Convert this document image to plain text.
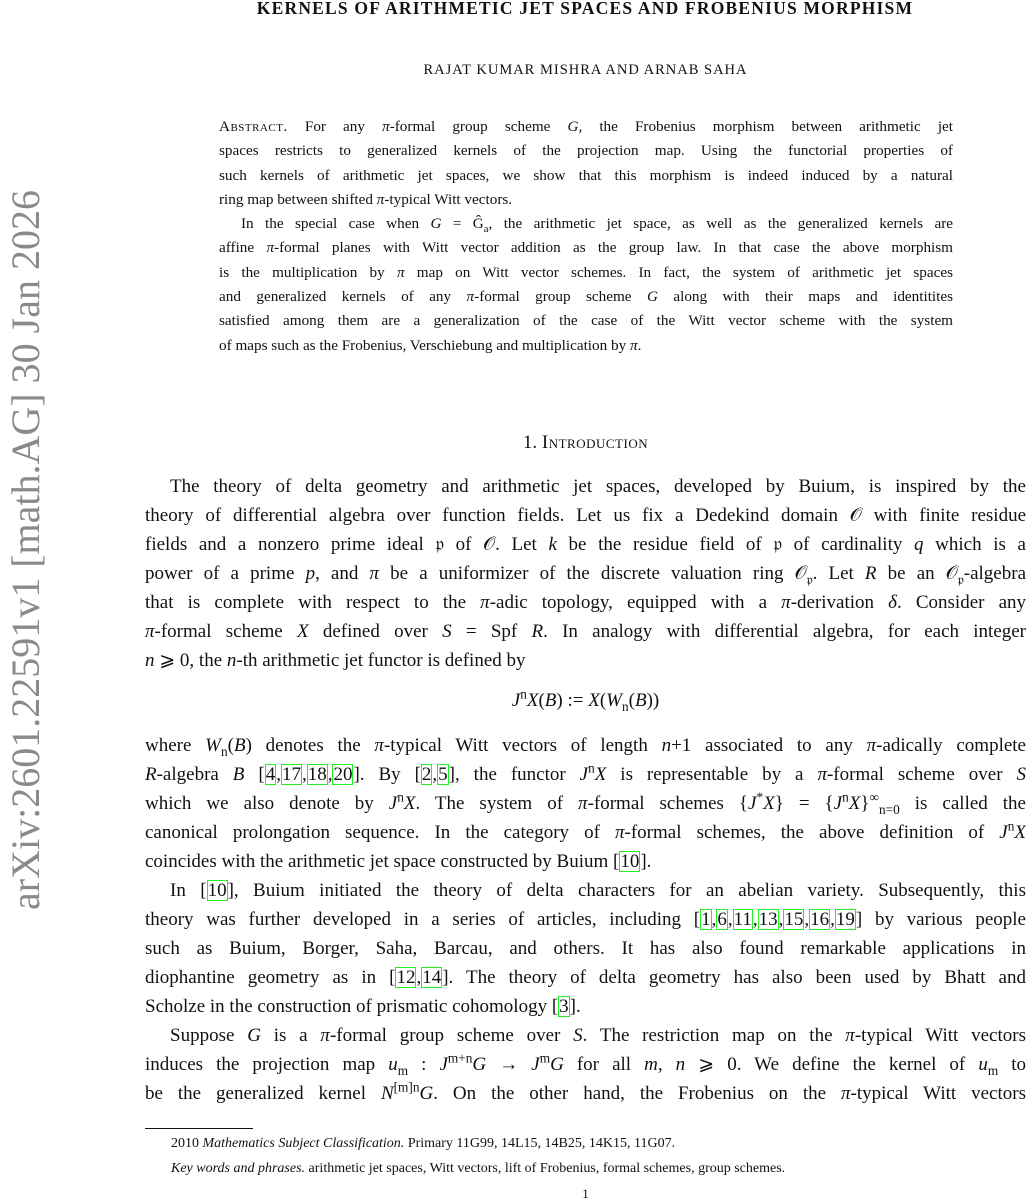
KERNELS OF ARITHMETIC JET SPACES AND FROBENIUS MORPHISM
RAJAT KUMAR MISHRA AND ARNAB SAHA
arXiv:2601.22591v1 [math.AG] 30 Jan 2026
Abstract. For any π-formal group scheme G, the Frobenius morphism between arithmetic jet
spaces restricts to generalized kernels of the projection map. Using the functorial properties of
such kernels of arithmetic jet spaces, we show that this morphism is indeed induced by a natural
ring map between shifted π-typical Witt vectors.
In the special case when $G = Ĝ_a$, the arithmetic jet space, as well as the generalized kernels are
affine π-formal planes with Witt vector addition as the group law. In that case the above morphism
is the multiplication by π map on Witt vector schemes. In fact, the system of arithmetic jet spaces
and generalized kernels of any π-formal group scheme G along with their maps and identitites
satisfied among them are a generalization of the case of the Witt vector scheme with the system
of maps such as the Frobenius, Verschiebung and multiplication by π.
1. Introduction
The theory of delta geometry and arithmetic jet spaces, developed by Buium, is inspired by the
theory of differential algebra over function fields. Let us fix a Dedekind domain 𝒪 with finite residue
fields and a nonzero prime ideal 𝔭 of 𝒪. Let k be the residue field of 𝔭 of cardinality q which is a
power of a prime p, and π be a uniformizer of the discrete valuation ring 𝒪$_𝔭$. Let R be an 𝒪$_𝔭$-algebra
that is complete with respect to the π-adic topology, equipped with a π-derivation δ. Consider any
π-formal scheme X defined over S = Spf R. In analogy with differential algebra, for each integer
n ⩾ 0, the n-th arithmetic jet functor is defined by
$J^nX(B)$ := $X(W_n(B))$
where $W_n(B)$ denotes the π-typical Witt vectors of length n+1 associated to any π-adically complete
R-algebra B [4,17,18,20]. By [2,5], the functor $J^nX$ is representable by a π-formal scheme over S
which we also denote by $J^nX$. The system of π-formal schemes $\{J^*X\} = \{J^nX\}^\infty_{n=0}$ is called the
canonical prolongation sequence. In the category of π-formal schemes, the above definition of $J^nX$
coincides with the arithmetic jet space constructed by Buium [10].
In [10], Buium initiated the theory of delta characters for an abelian variety. Subsequently, this
theory was further developed in a series of articles, including [1,6,11,13,15,16,19] by various people
such as Buium, Borger, Saha, Barcau, and others. It has also found remarkable applications in
diophantine geometry as in [12,14]. The theory of delta geometry has also been used by Bhatt and
Scholze in the construction of prismatic cohomology [3].
Suppose G is a π-formal group scheme over S. The restriction map on the π-typical Witt vectors
induces the projection map $u_m$ : $J^{m+n}G \to J^mG$ for all m, n ⩾ 0. We define the kernel of $u_m$ to
be the generalized kernel $N^{[m]n}G$. On the other hand, the Frobenius on the π-typical Witt vectors
2010 Mathematics Subject Classification. Primary 11G99, 14L15, 14B25, 14K15, 11G07.
Key words and phrases. arithmetic jet spaces, Witt vectors, lift of Frobenius, formal schemes, group schemes.
1
